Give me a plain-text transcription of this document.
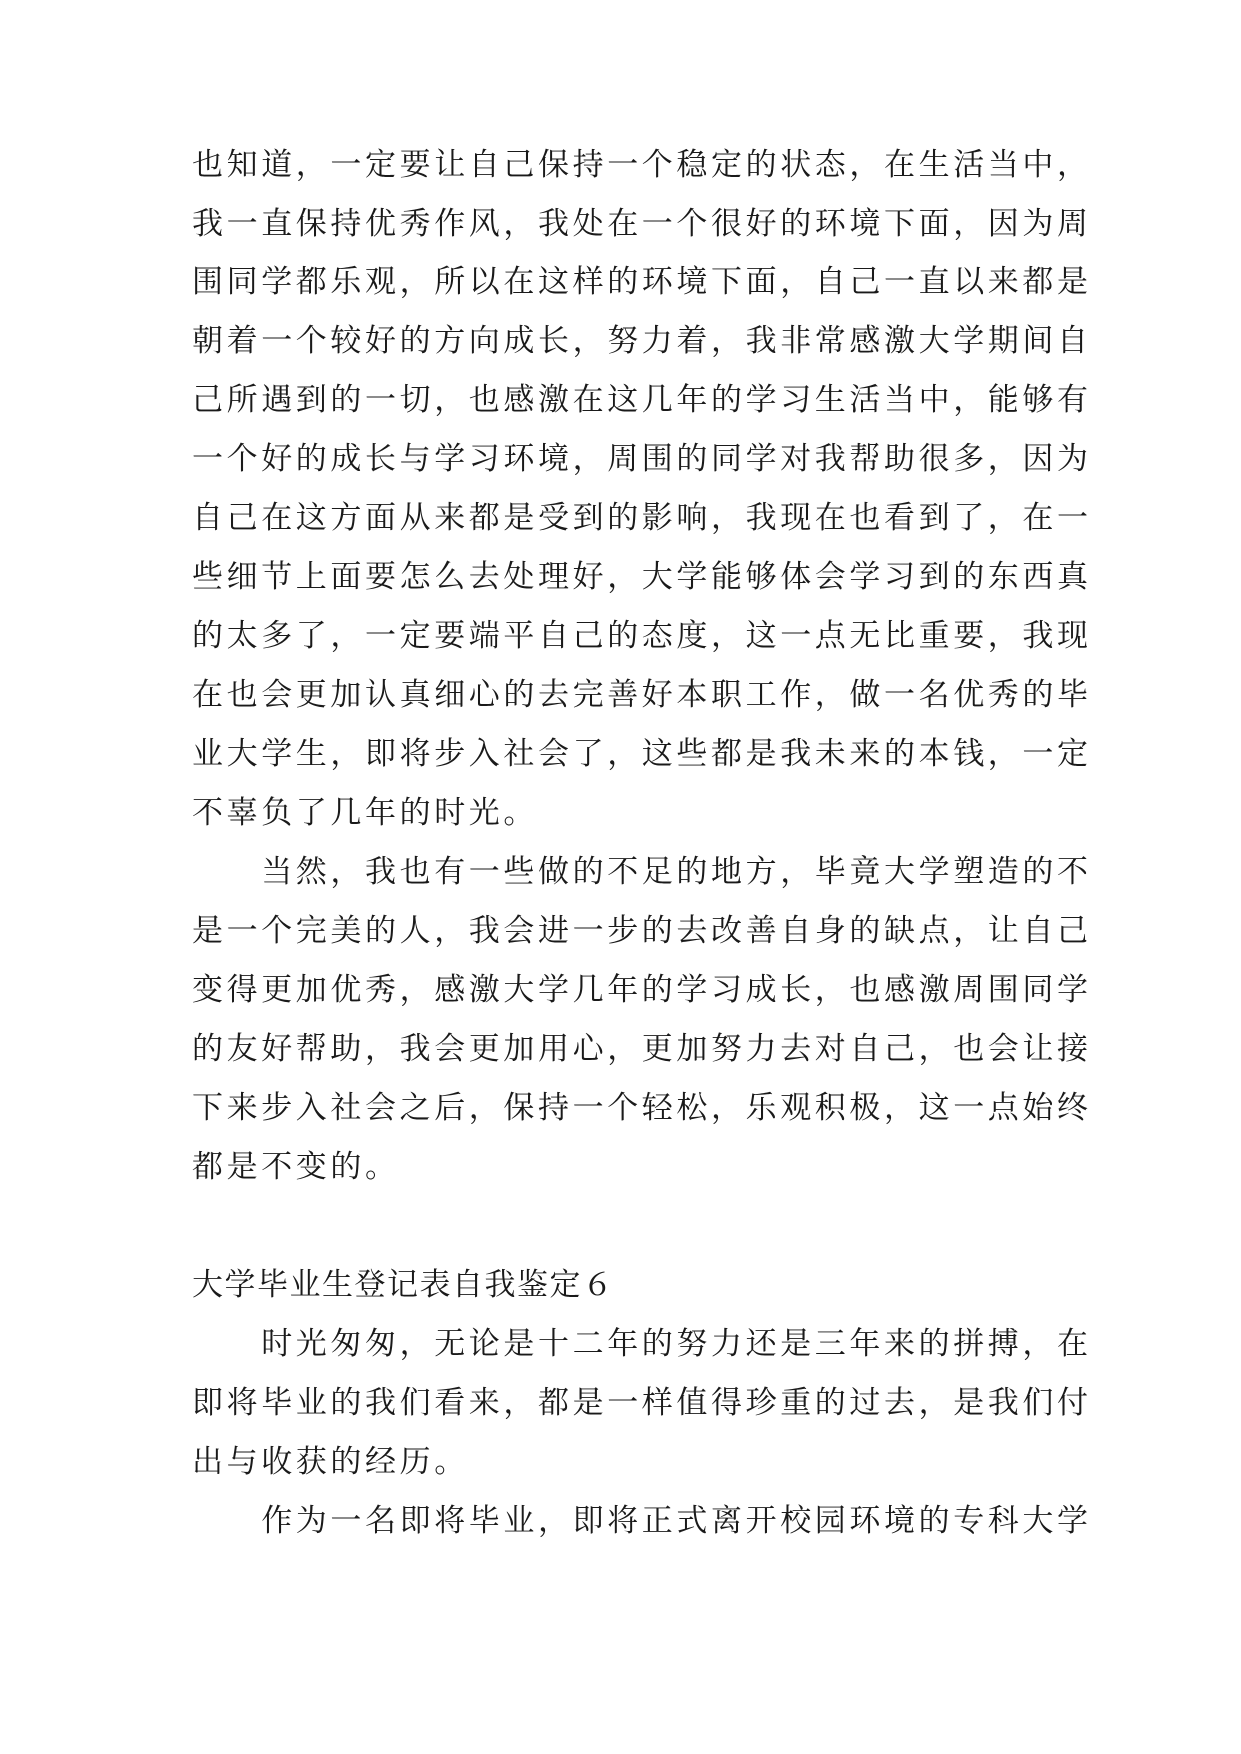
也知道，一定要让自己保持一个稳定的状态，在生活当中，
我一直保持优秀作风，我处在一个很好的环境下面，因为周
围同学都乐观，所以在这样的环境下面，自己一直以来都是
朝着一个较好的方向成长，努力着，我非常感激大学期间自
己所遇到的一切，也感激在这几年的学习生活当中，能够有
一个好的成长与学习环境，周围的同学对我帮助很多，因为
自己在这方面从来都是受到的影响，我现在也看到了，在一
些细节上面要怎么去处理好，大学能够体会学习到的东西真
的太多了，一定要端平自己的态度，这一点无比重要，我现
在也会更加认真细心的去完善好本职工作，做一名优秀的毕
业大学生，即将步入社会了，这些都是我未来的本钱，一定
不辜负了几年的时光。
　　当然，我也有一些做的不足的地方，毕竟大学塑造的不
是一个完美的人，我会进一步的去改善自身的缺点，让自己
变得更加优秀，感激大学几年的学习成长，也感激周围同学
的友好帮助，我会更加用心，更加努力去对自己，也会让接
下来步入社会之后，保持一个轻松，乐观积极，这一点始终
都是不变的。
大学毕业生登记表自我鉴定６
　　时光匆匆，无论是十二年的努力还是三年来的拼搏，在
即将毕业的我们看来，都是一样值得珍重的过去，是我们付
出与收获的经历。
　　作为一名即将毕业，即将正式离开校园环境的专科大学
